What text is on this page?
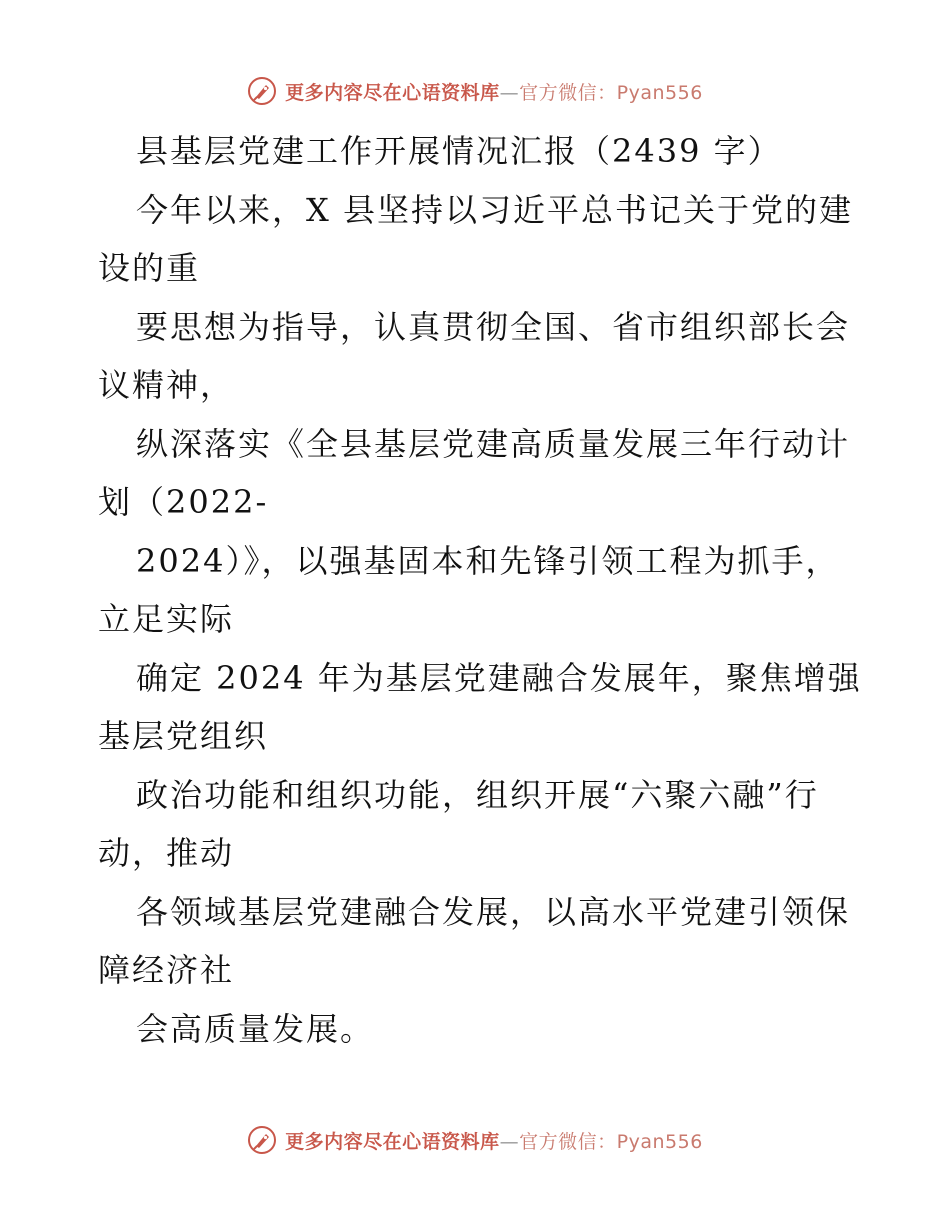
更多内容尽在心语资料库—官方微信：Pyan556
县基层党建工作开展情况汇报（2439 字）
今年以来，X 县坚持以习近平总书记关于党的建
设的重
要思想为指导，认真贯彻全国、省市组织部长会
议精神，
纵深落实《全县基层党建高质量发展三年行动计
划（2022-
2024）》，以强基固本和先锋引领工程为抓手，
立足实际
确定 2024 年为基层党建融合发展年，聚焦增强
基层党组织
政治功能和组织功能，组织开展“六聚六融”行
动，推动
各领域基层党建融合发展，以高水平党建引领保
障经济社
会高质量发展。
更多内容尽在心语资料库—官方微信：Pyan556
